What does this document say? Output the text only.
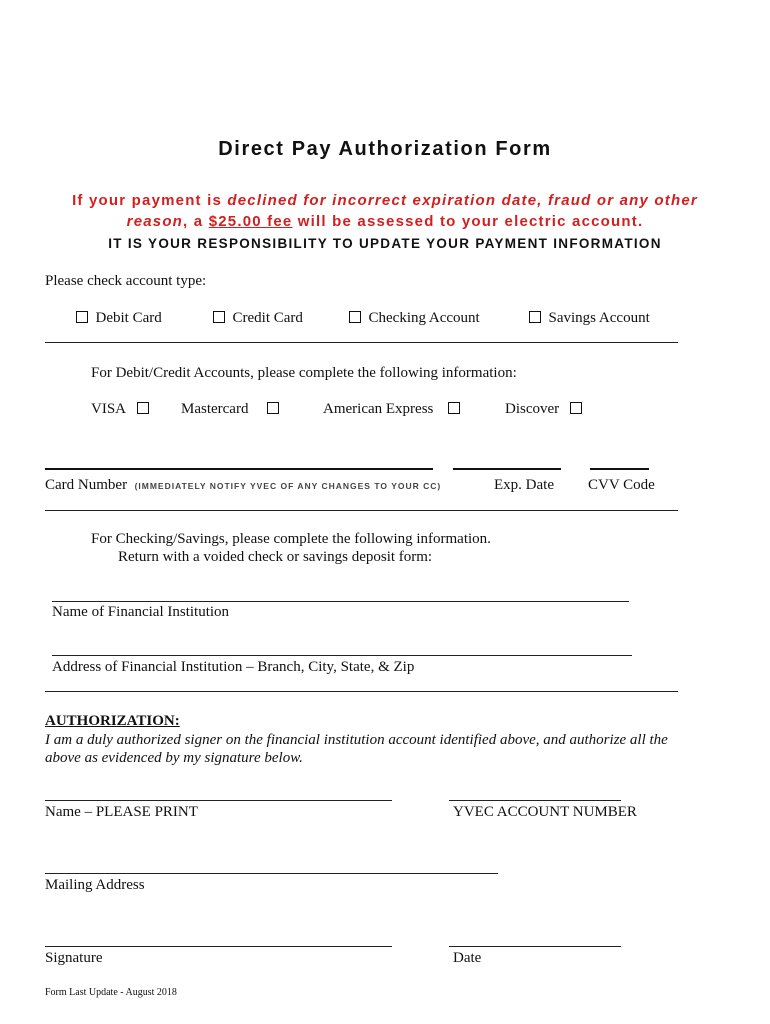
Direct Pay Authorization Form
If your payment is declined for incorrect expiration date, fraud or any other
reason, a $25.00 fee will be assessed to your electric account.
IT IS YOUR RESPONSIBILITY TO UPDATE YOUR PAYMENT INFORMATION
Please check account type:
Debit Card	Credit Card	Checking Account	Savings Account
For Debit/Credit Accounts, please complete the following information:
VISA	Mastercard	American Express	Discover
Card Number (IMMEDIATELY NOTIFY YVEC OF ANY CHANGES TO YOUR CC)	Exp. Date CVV Code
For Checking/Savings, please complete the following information.
Return with a voided check or savings deposit form:
Name of Financial Institution
Address of Financial Institution – Branch, City, State, & Zip
AUTHORIZATION:
I am a duly authorized signer on the financial institution account identified above, and authorize all the
above as evidenced by my signature below.
Name – PLEASE PRINT	YVEC ACCOUNT NUMBER
Mailing Address
Signature	Date
Form Last Update - August 2018
